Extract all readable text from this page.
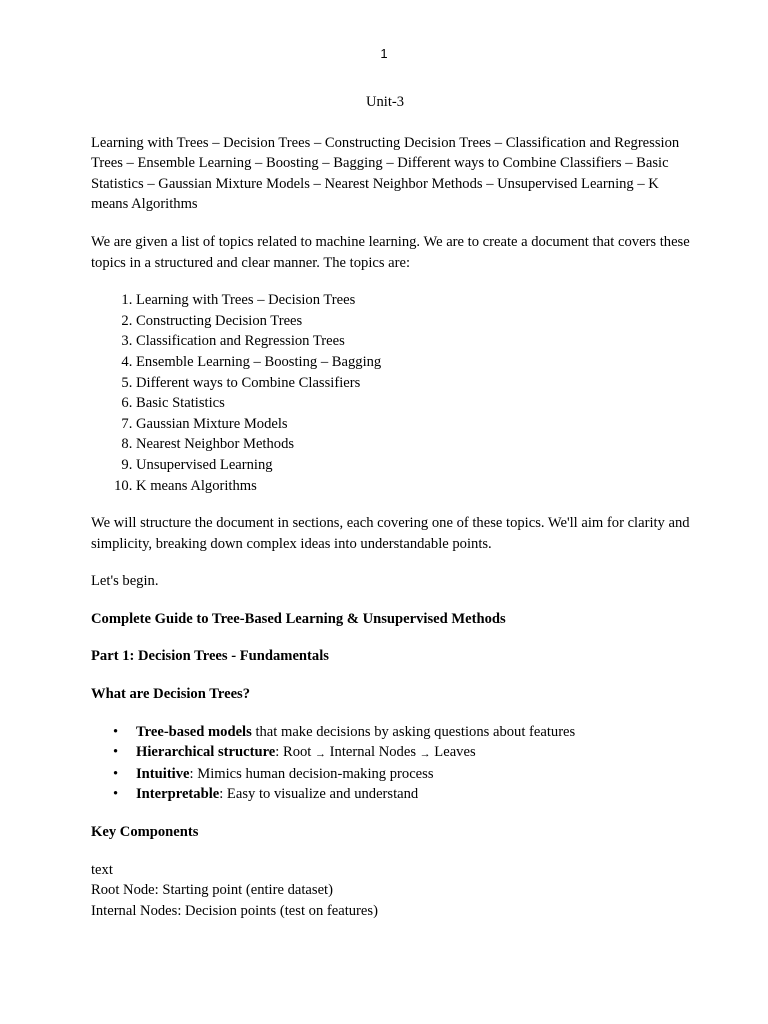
1
Unit-3

Learning with Trees – Decision Trees – Constructing Decision Trees – Classification and Regression Trees – Ensemble Learning – Boosting – Bagging – Different ways to Combine Classifiers – Basic Statistics – Gaussian Mixture Models – Nearest Neighbor Methods – Unsupervised Learning – K means Algorithms

We are given a list of topics related to machine learning. We are to create a document that covers these topics in a structured and clear manner. The topics are:

1. Learning with Trees – Decision Trees
2. Constructing Decision Trees
3. Classification and Regression Trees
4. Ensemble Learning – Boosting – Bagging
5. Different ways to Combine Classifiers
6. Basic Statistics
7. Gaussian Mixture Models
8. Nearest Neighbor Methods
9. Unsupervised Learning
10. K means Algorithms

We will structure the document in sections, each covering one of these topics. We'll aim for clarity and simplicity, breaking down complex ideas into understandable points.

Let's begin.

Complete Guide to Tree-Based Learning & Unsupervised Methods
Part 1: Decision Trees - Fundamentals
What are Decision Trees?
• Tree-based models that make decisions by asking questions about features
• Hierarchical structure: Root → Internal Nodes → Leaves
• Intuitive: Mimics human decision-making process
• Interpretable: Easy to visualize and understand
Key Components
text
Root Node: Starting point (entire dataset)
Internal Nodes: Decision points (test on features)
